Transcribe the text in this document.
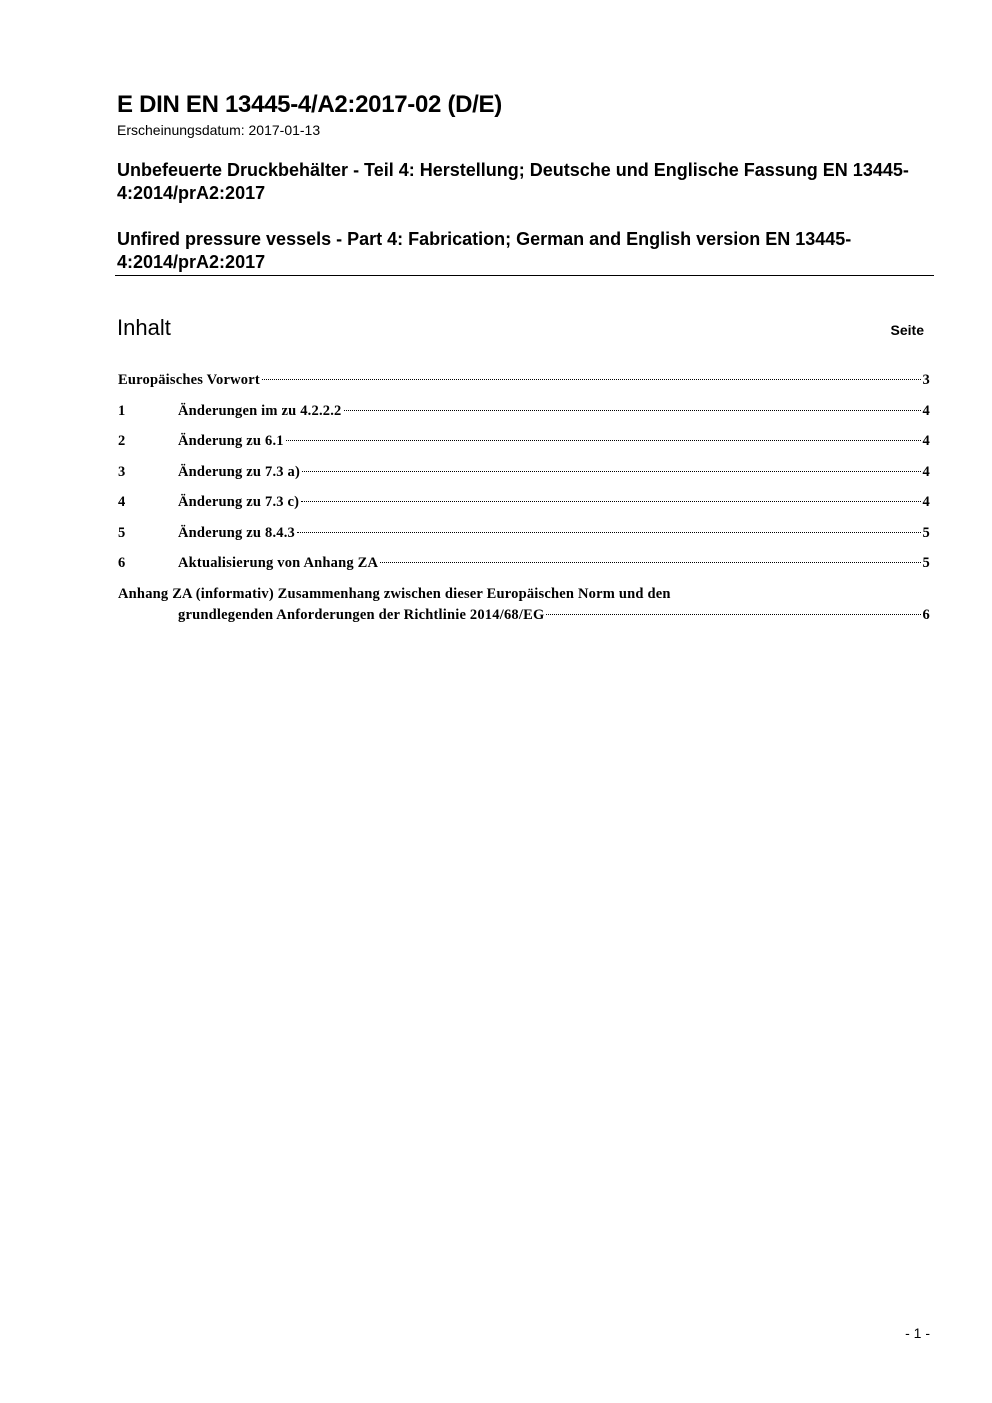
E DIN EN 13445-4/A2:2017-02 (D/E)
Erscheinungsdatum: 2017-01-13
Unbefeuerte Druckbehälter - Teil 4: Herstellung; Deutsche und Englische Fassung EN 13445-4:2014/prA2:2017
Unfired pressure vessels - Part 4: Fabrication; German and English version EN 13445-4:2014/prA2:2017
Inhalt	Seite
Europäisches Vorwort	3
1	Änderungen im zu 4.2.2.2	4
2	Änderung zu 6.1	4
3	Änderung zu 7.3 a)	4
4	Änderung zu 7.3 c)	4
5	Änderung zu 8.4.3	5
6	Aktualisierung von Anhang ZA	5
Anhang ZA (informativ) Zusammenhang zwischen dieser Europäischen Norm und den
grundlegenden Anforderungen der Richtlinie 2014/68/EG	6
- 1 -
